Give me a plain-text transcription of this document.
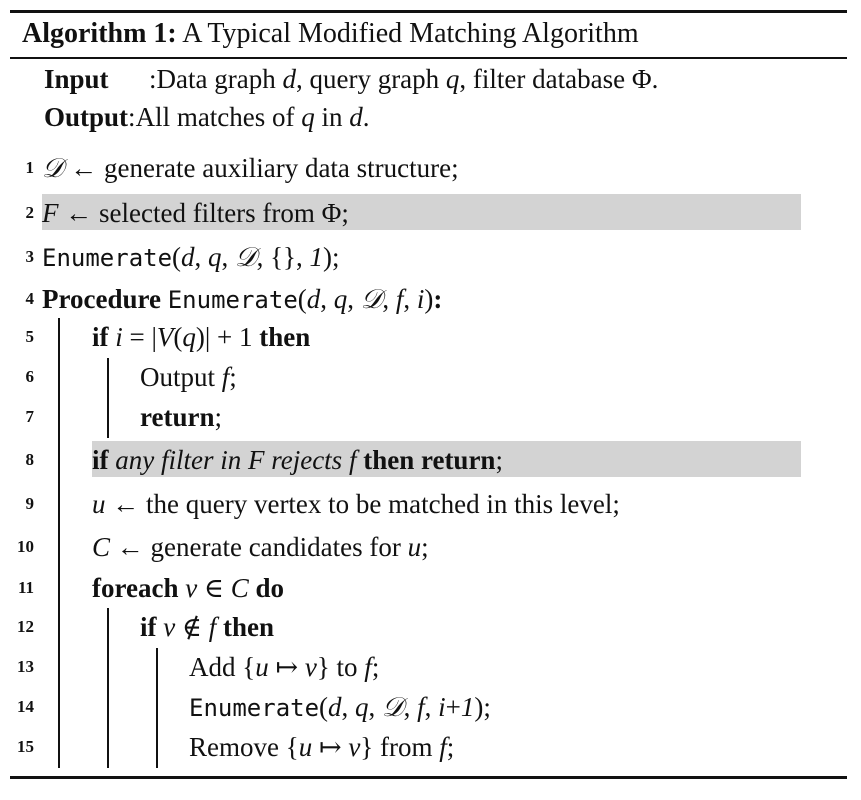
Algorithm 1: A Typical Modified Matching Algorithm
Input :Data graph d, query graph q, filter database Φ.
Output:All matches of q in d.
1 𝒟 ← generate auxiliary data structure;
2 F ← selected filters from Φ;
3 Enumerate(d, q, 𝒟, {}, 1);
4 Procedure Enumerate(d, q, 𝒟, f, i):
5 if i = |V(q)| + 1 then
6	Output f;
7	return;
8 if any filter in F rejects f then return;
9 u ← the query vertex to be matched in this level;
10 C ← generate candidates for u;
11 foreach v ∈ C do
12	if v ∉ f then
13	Add {u ↦ v} to f;
14	Enumerate(d, q, 𝒟, f, i+1);
15	Remove {u ↦ v} from f;
